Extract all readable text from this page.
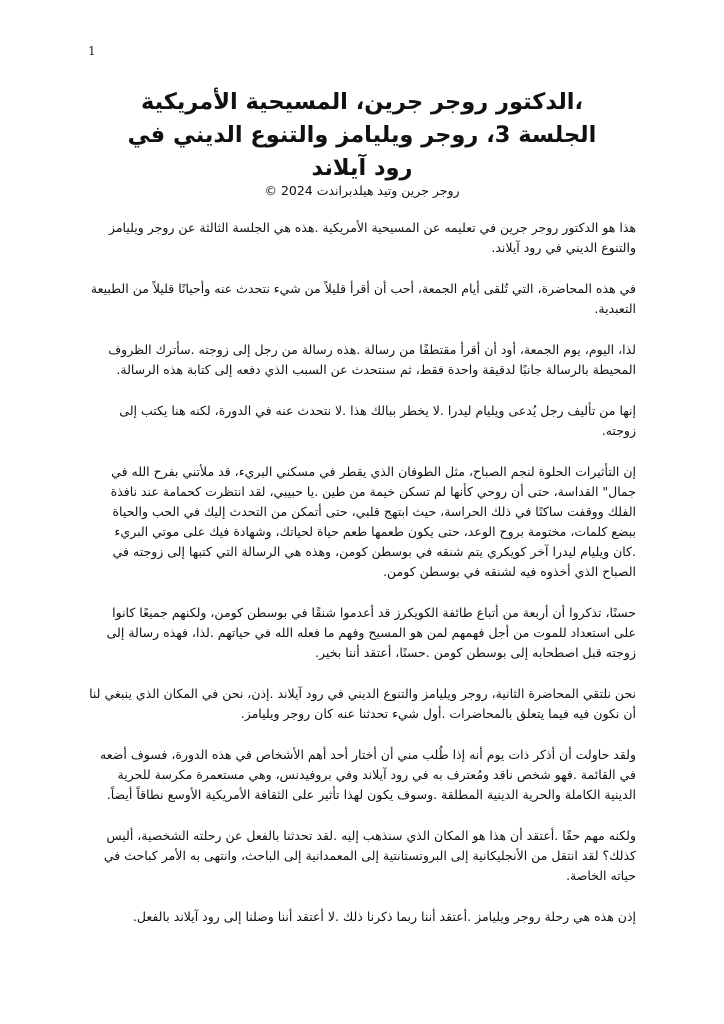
1
،الدكتور روجر جرين، المسيحية الأمريكية
الجلسة 3، روجر ويليامز والتنوع الديني في
رود آيلاند
روجر جرين وتيد هيلدبراندت 2024 ©

هذا هو الدكتور روجر جرين في تعليمه عن المسيحية الأمريكية .هذه هي الجلسة الثالثة عن روجر ويليامز والتنوع الديني في رود آيلاند.

في هذه المحاضرة، التي تُلقى أيام الجمعة، أحب أن أقرأ قليلاً من شيء نتحدث عنه وأحيانًا قليلاً من الطبيعة التعبدية.

لذا، اليوم، يوم الجمعة، أود أن أقرأ مقتطفًا من رسالة .هذه رسالة من رجل إلى زوجته .سأترك الظروف المحيطة بالرسالة جانبًا لدقيقة واحدة فقط، ثم سنتحدث عن السبب الذي دفعه إلى كتابة هذه الرسالة.

إنها من تأليف رجل يُدعى ويليام ليدرا .لا يخطر ببالك هذا .لا نتحدث عنه في الدورة، لكنه هنا يكتب إلى زوجته.

إن التأثيرات الحلوة لنجم الصباح، مثل الطوفان الذي يقطر في مسكني البريء، قد ملأتني بفرح الله في جمال" القداسة، حتى أن روحي كأنها لم تسكن خيمة من طين .يا حبيبي، لقد انتظرت كحمامة عند نافذة الفلك ووقفت ساكنًا في ذلك الحراسة، حيث ابتهج قلبي، حتى أتمكن من التحدث إليك في الحب والحياة ببضع كلمات، مختومة بروح الوعد، حتى يكون طعمها طعم حياة لحياتك، وشهادة فيك على موتي البريء .كان ويليام ليدرا آخر كويكري يتم شنقه في بوسطن كومن، وهذه هي الرسالة التي كتبها إلى زوجته في الصباح الذي أخذوه فيه لشنقه في بوسطن كومن.

حسنًا، تذكروا أن أربعة من أتباع طائفة الكويكرز قد أعدموا شنقًا في بوسطن كومن، ولكنهم جميعًا كانوا على استعداد للموت من أجل فهمهم لمن هو المسيح وفهم ما فعله الله في حياتهم .لذا، فهذه رسالة إلى زوجته قبل اصطحابه إلى بوسطن كومن .حسنًا، أعتقد أننا بخير.

نحن نلتقي المحاضرة الثانية، روجر ويليامز والتنوع الديني في رود آيلاند .إذن، نحن في المكان الذي ينبغي لنا أن نكون فيه فيما يتعلق بالمحاضرات .أول شيء تحدثنا عنه كان روجر ويليامز.

ولقد حاولت أن أذكر ذات يوم أنه إذا طُلب مني أن أختار أحد أهم الأشخاص في هذه الدورة، فسوف أضعه في القائمة .فهو شخص ناقد ومُعترف به في رود آيلاند وفي بروفيدنس، وهي مستعمرة مكرسة للحرية الدينية الكاملة والحرية الدينية المطلقة .وسوف يكون لهذا تأثير على الثقافة الأمريكية الأوسع نطاقاً أيضاً.

ولكنه مهم حقًا .أعتقد أن هذا هو المكان الذي سنذهب إليه .لقد تحدثنا بالفعل عن رحلته الشخصية، أليس كذلك؟ لقد انتقل من الأنجليكانية إلى البروتستانتية إلى المعمدانية إلى الباحث، وانتهى به الأمر كباحث في حياته الخاصة.

إذن هذه هي رحلة روجر ويليامز .أعتقد أننا ربما ذكرنا ذلك .لا أعتقد أننا وصلنا إلى رود آيلاند بالفعل.
